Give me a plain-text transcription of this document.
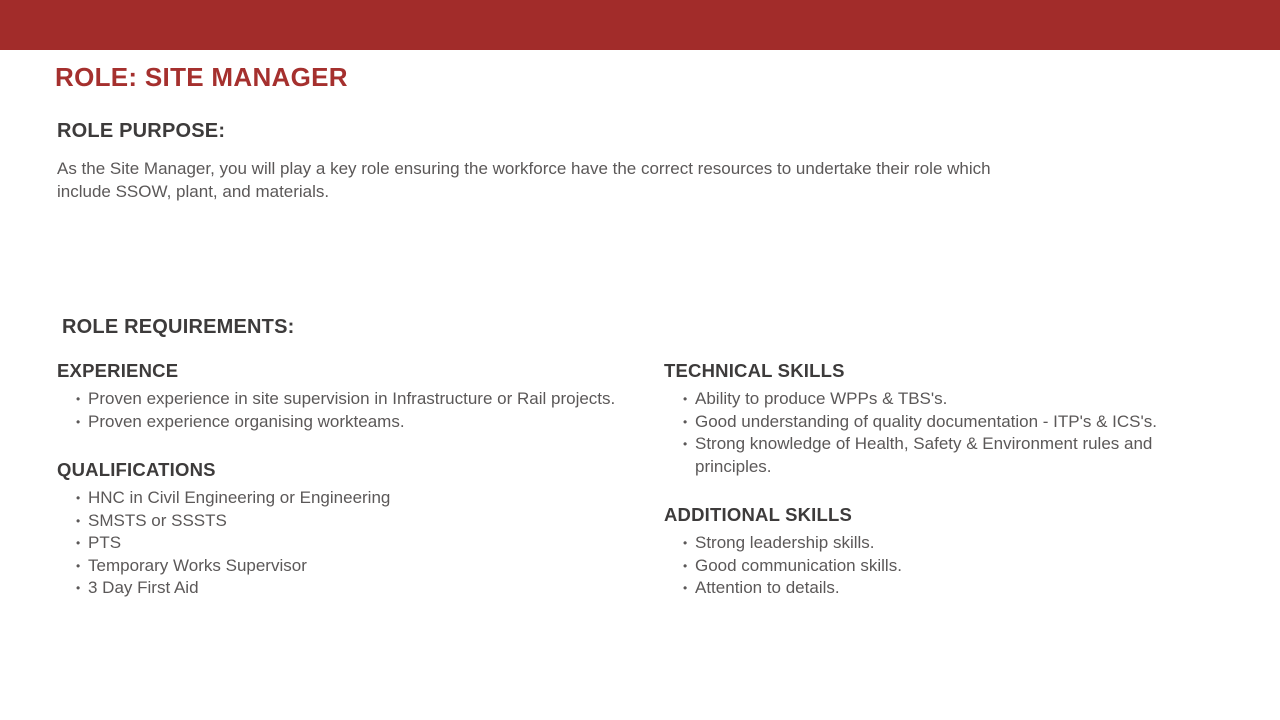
ROLE: SITE MANAGER
ROLE PURPOSE:

As the Site Manager, you will play a key role ensuring the workforce have the correct resources to undertake their role which include SSOW, plant, and materials.

ROLE REQUIREMENTS:
EXPERIENCE
• Proven experience in site supervision in Infrastructure or Rail projects.
• Proven experience organising workteams.
QUALIFICATIONS
• HNC in Civil Engineering or Engineering
• SMSTS or SSSTS
• PTS
• Temporary Works Supervisor
• 3 Day First Aid
TECHNICAL SKILLS
• Ability to produce WPPs & TBS's.
• Good understanding of quality documentation - ITP's & ICS's.
• Strong knowledge of Health, Safety & Environment rules and principles.
ADDITIONAL SKILLS
• Strong leadership skills.
• Good communication skills.
• Attention to details.
